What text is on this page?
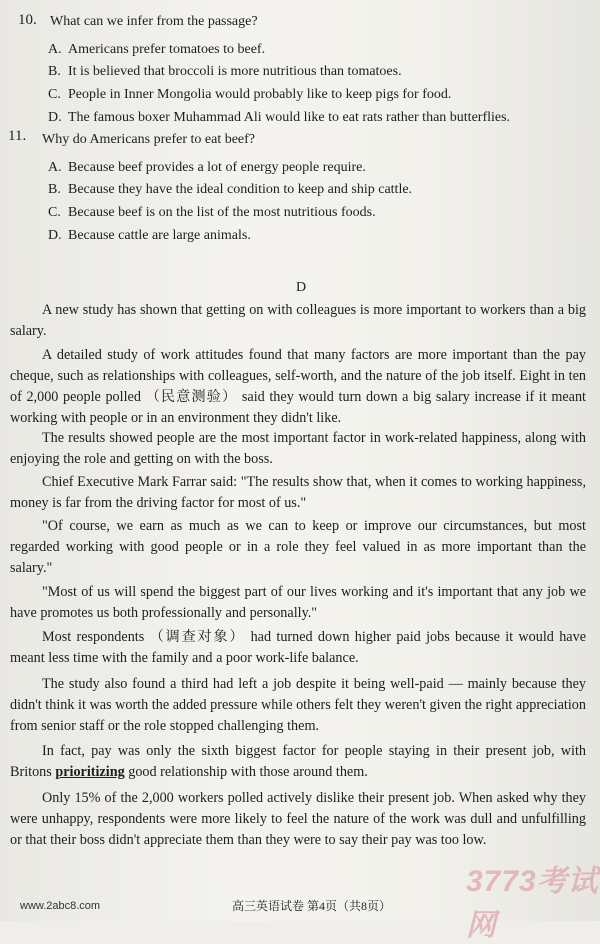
10. What can we infer from the passage?
A. Americans prefer tomatoes to beef.
B. It is believed that broccoli is more nutritious than tomatoes.
C. People in Inner Mongolia would probably like to keep pigs for food.
D. The famous boxer Muhammad Ali would like to eat rats rather than butterflies.
11. Why do Americans prefer to eat beef?
A. Because beef provides a lot of energy people require.
B. Because they have the ideal condition to keep and ship cattle.
C. Because beef is on the list of the most nutritious foods.
D. Because cattle are large animals.
D
A new study has shown that getting on with colleagues is more important to workers than a big salary.
A detailed study of work attitudes found that many factors are more important than the pay cheque, such as relationships with colleagues, self-worth, and the nature of the job itself. Eight in ten of 2,000 people polled （民意测验） said they would turn down a big salary increase if it meant working with people or in an environment they didn't like.
The results showed people are the most important factor in work-related happiness, along with enjoying the role and getting on with the boss.
Chief Executive Mark Farrar said: "The results show that, when it comes to working happiness, money is far from the driving factor for most of us."
"Of course, we earn as much as we can to keep or improve our circumstances, but most regarded working with good people or in a role they feel valued in as more important than the salary."
"Most of us will spend the biggest part of our lives working and it's important that any job we have promotes us both professionally and personally."
Most respondents （调查对象） had turned down higher paid jobs because it would have meant less time with the family and a poor work-life balance.
The study also found a third had left a job despite it being well-paid — mainly because they didn't think it was worth the added pressure while others felt they weren't given the right appreciation from senior staff or the role stopped challenging them.
In fact, pay was only the sixth biggest factor for people staying in their present job, with Britons prioritizing good relationship with those around them.
Only 15% of the 2,000 workers polled actively dislike their present job. When asked why they were unhappy, respondents were more likely to feel the nature of the work was dull and unfulfilling or that their boss didn't appreciate them than they were to say their pay was too low.
www.2abc8.com	高三英语试卷 第4页（共8页）
3773考试网
